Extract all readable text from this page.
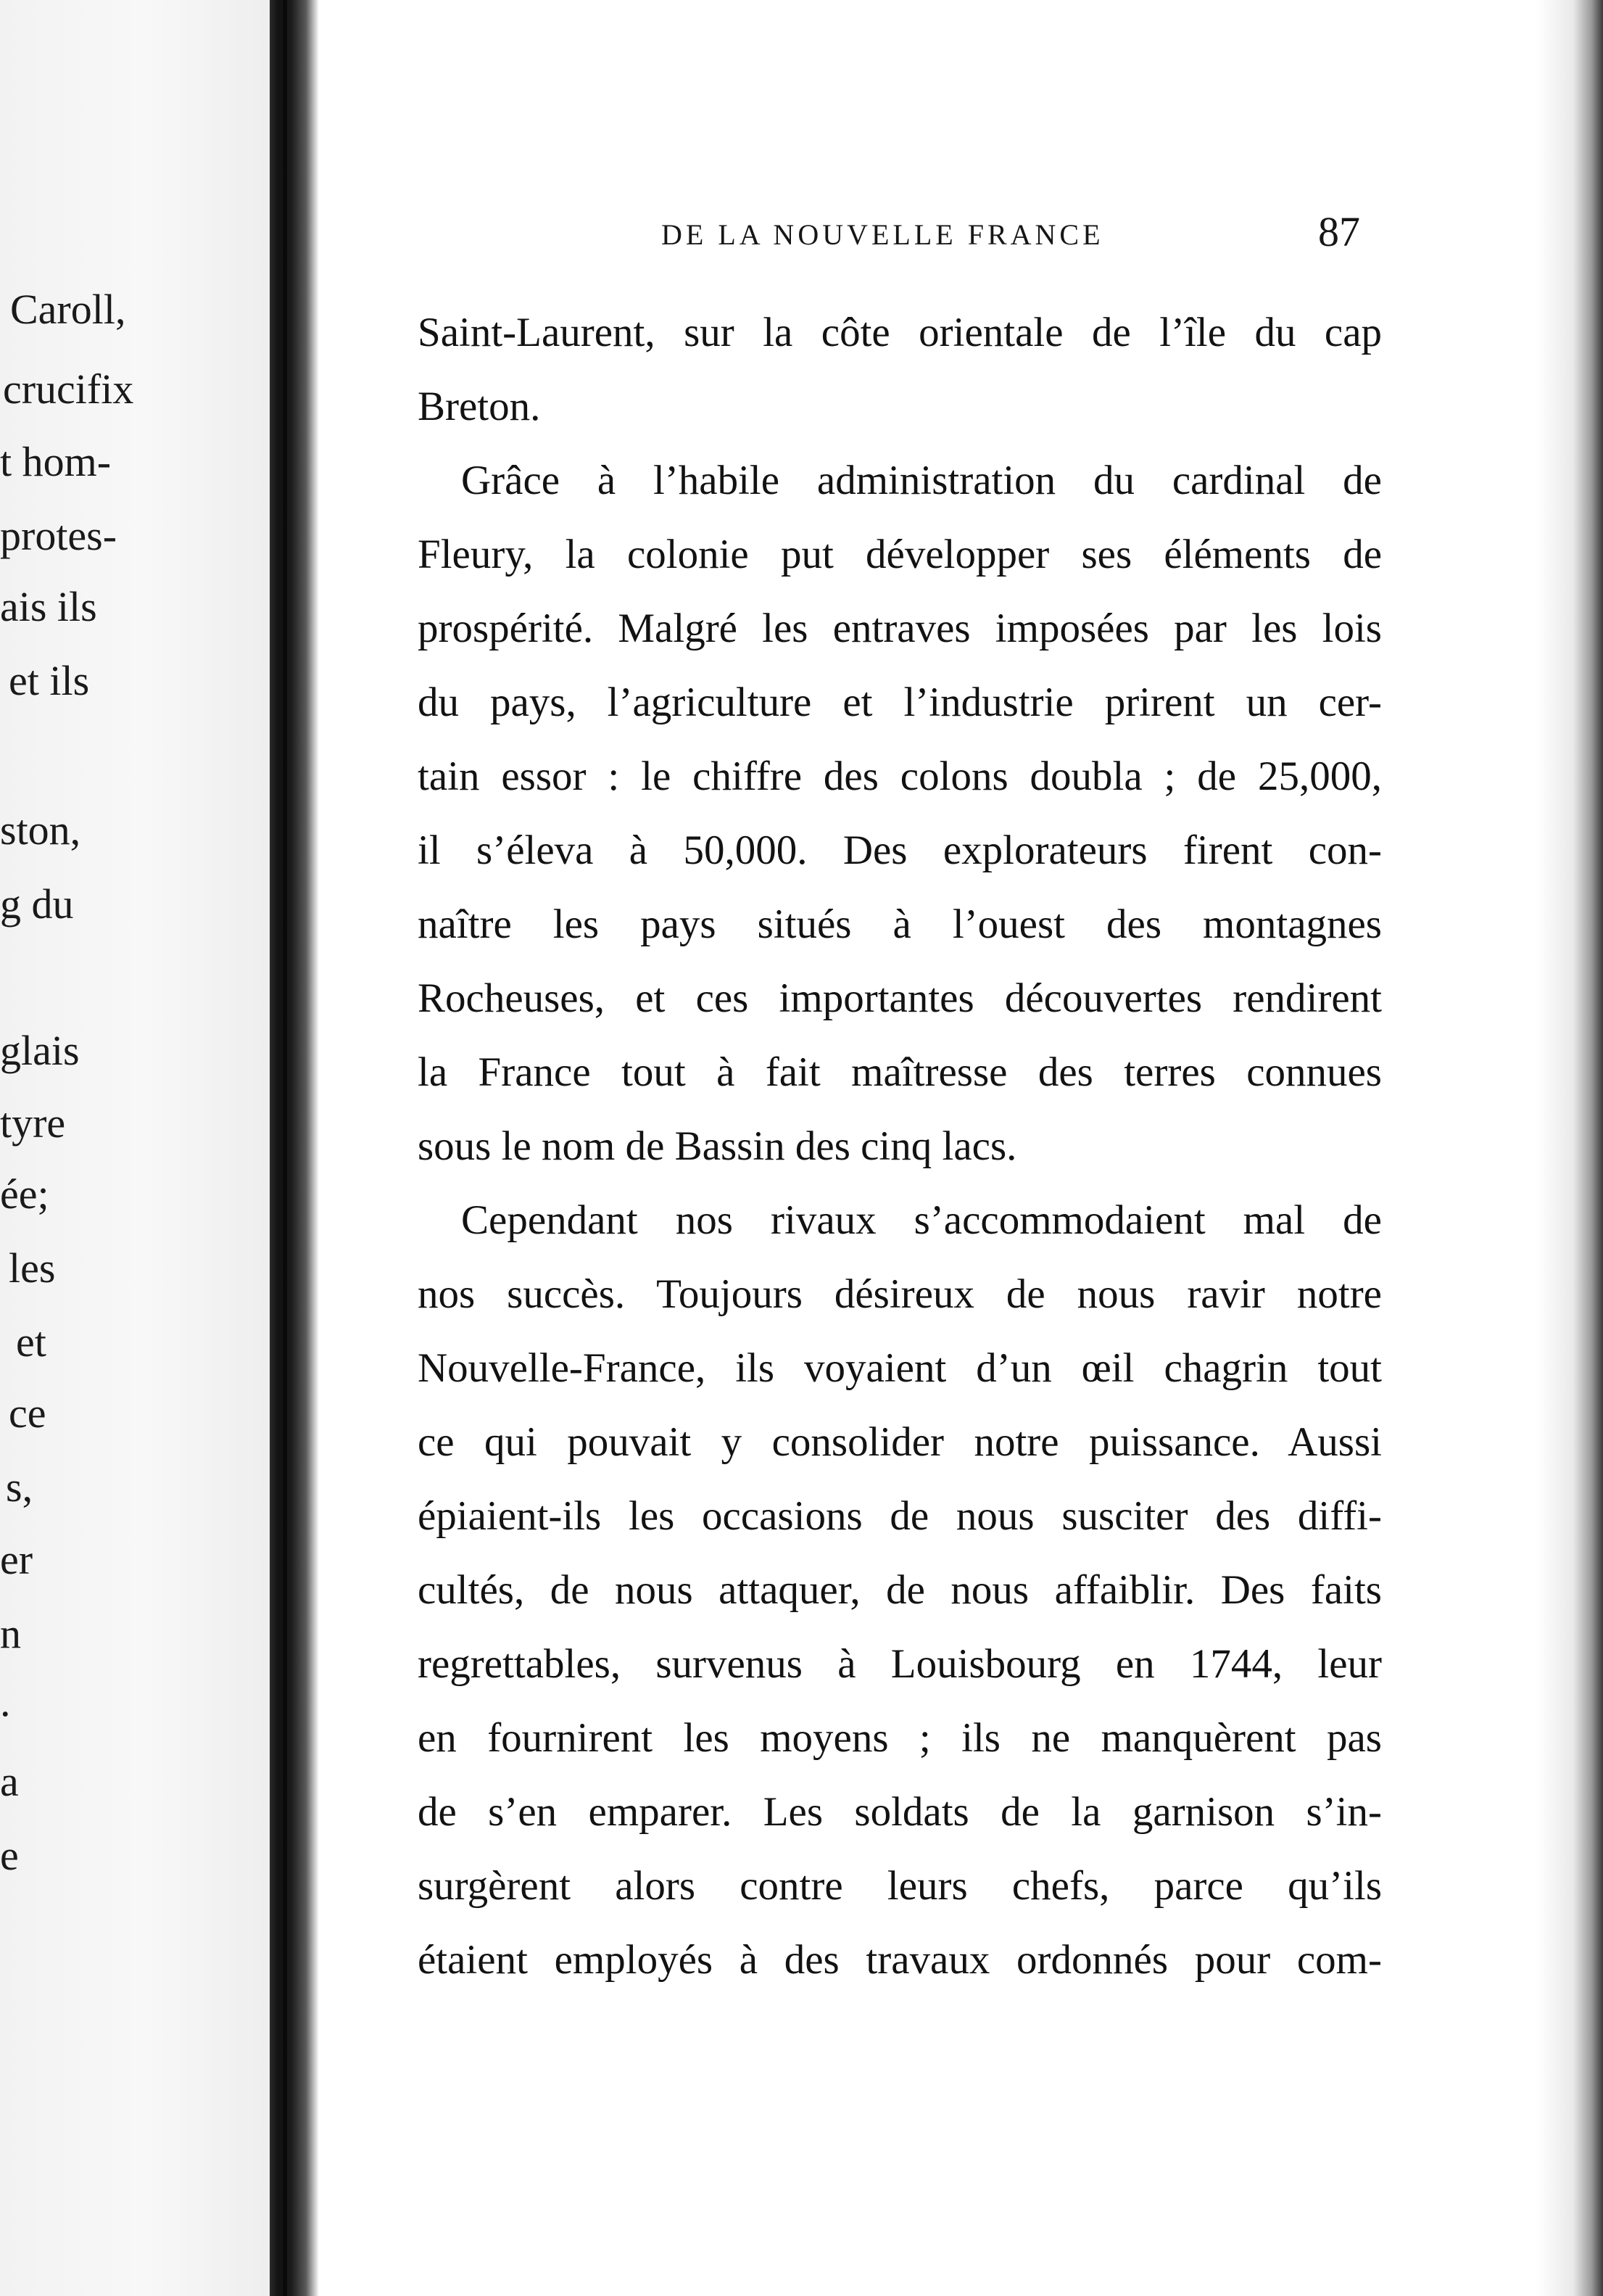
Caroll,
crucifix
t hom-
protes-
ais ils
et ils
ston,
g du
glais
tyre
ée;
les
et
ce
s,
er
n
.
a
e
DE LA NOUVELLE FRANCE	87
Saint-Laurent, sur la côte orientale de l’île du cap
Breton.
Grâce à l’habile administration du cardinal de
Fleury, la colonie put développer ses éléments de
prospérité. Malgré les entraves imposées par les lois
du pays, l’agriculture et l’industrie prirent un cer-
tain essor : le chiffre des colons doubla ; de 25,000,
il s’éleva à 50,000. Des explorateurs firent con-
naître les pays situés à l’ouest des montagnes
Rocheuses, et ces importantes découvertes rendirent
la France tout à fait maîtresse des terres connues
sous le nom de Bassin des cinq lacs.
Cependant nos rivaux s’accommodaient mal de
nos succès. Toujours désireux de nous ravir notre
Nouvelle-France, ils voyaient d’un œil chagrin tout
ce qui pouvait y consolider notre puissance. Aussi
épiaient-ils les occasions de nous susciter des diffi-
cultés, de nous attaquer, de nous affaiblir. Des faits
regrettables, survenus à Louisbourg en 1744, leur
en fournirent les moyens ; ils ne manquèrent pas
de s’en emparer. Les soldats de la garnison s’in-
surgèrent alors contre leurs chefs, parce qu’ils
étaient employés à des travaux ordonnés pour com-
